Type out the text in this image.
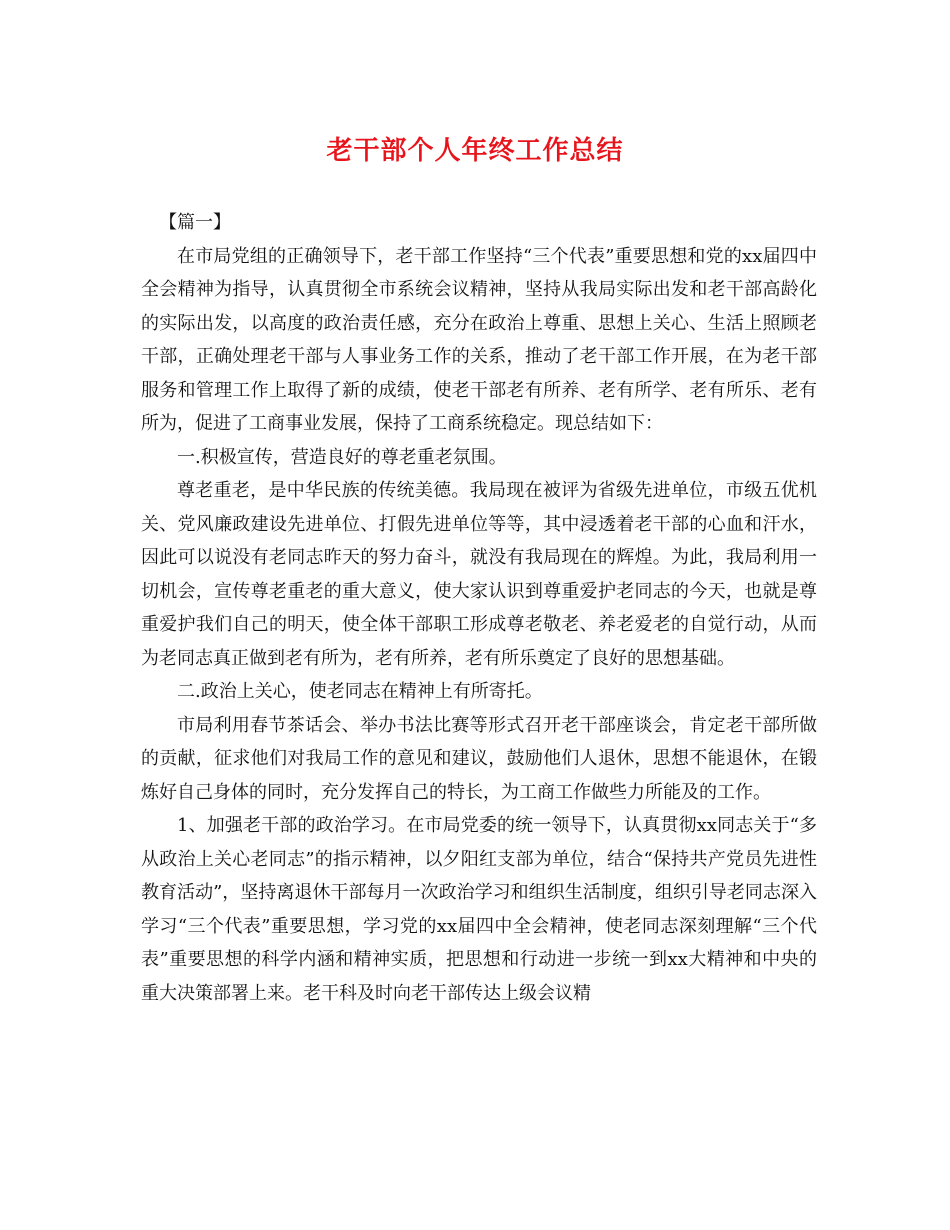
老干部个人年终工作总结

【篇一】

在市局党组的正确领导下，老干部工作坚持“三个代表”重要思想和党的xx届四中全会精神为指导，认真贯彻全市系统会议精神，坚持从我局实际出发和老干部高龄化的实际出发，以高度的政治责任感，充分在政治上尊重、思想上关心、生活上照顾老干部，正确处理老干部与人事业务工作的关系，推动了老干部工作开展，在为老干部服务和管理工作上取得了新的成绩，使老干部老有所养、老有所学、老有所乐、老有所为，促进了工商事业发展，保持了工商系统稳定。现总结如下：

一.积极宣传，营造良好的尊老重老氛围。

尊老重老，是中华民族的传统美德。我局现在被评为省级先进单位，市级五优机关、党风廉政建设先进单位、打假先进单位等等，其中浸透着老干部的心血和汗水，因此可以说没有老同志昨天的努力奋斗，就没有我局现在的辉煌。为此，我局利用一切机会，宣传尊老重老的重大意义，使大家认识到尊重爱护老同志的今天，也就是尊重爱护我们自己的明天，使全体干部职工形成尊老敬老、养老爱老的自觉行动，从而为老同志真正做到老有所为，老有所养，老有所乐奠定了良好的思想基础。

二.政治上关心，使老同志在精神上有所寄托。

市局利用春节茶话会、举办书法比赛等形式召开老干部座谈会，肯定老干部所做的贡献，征求他们对我局工作的意见和建议，鼓励他们人退休，思想不能退休，在锻炼好自己身体的同时，充分发挥自己的特长，为工商工作做些力所能及的工作。

1、加强老干部的政治学习。在市局党委的统一领导下，认真贯彻xx同志关于“多从政治上关心老同志”的指示精神，以夕阳红支部为单位，结合“保持共产党员先进性教育活动”，坚持离退休干部每月一次政治学习和组织生活制度，组织引导老同志深入学习“三个代表”重要思想，学习党的xx届四中全会精神，使老同志深刻理解“三个代表”重要思想的科学内涵和精神实质，把思想和行动进一步统一到xx大精神和中央的重大决策部署上来。老干科及时向老干部传达上级会议精
